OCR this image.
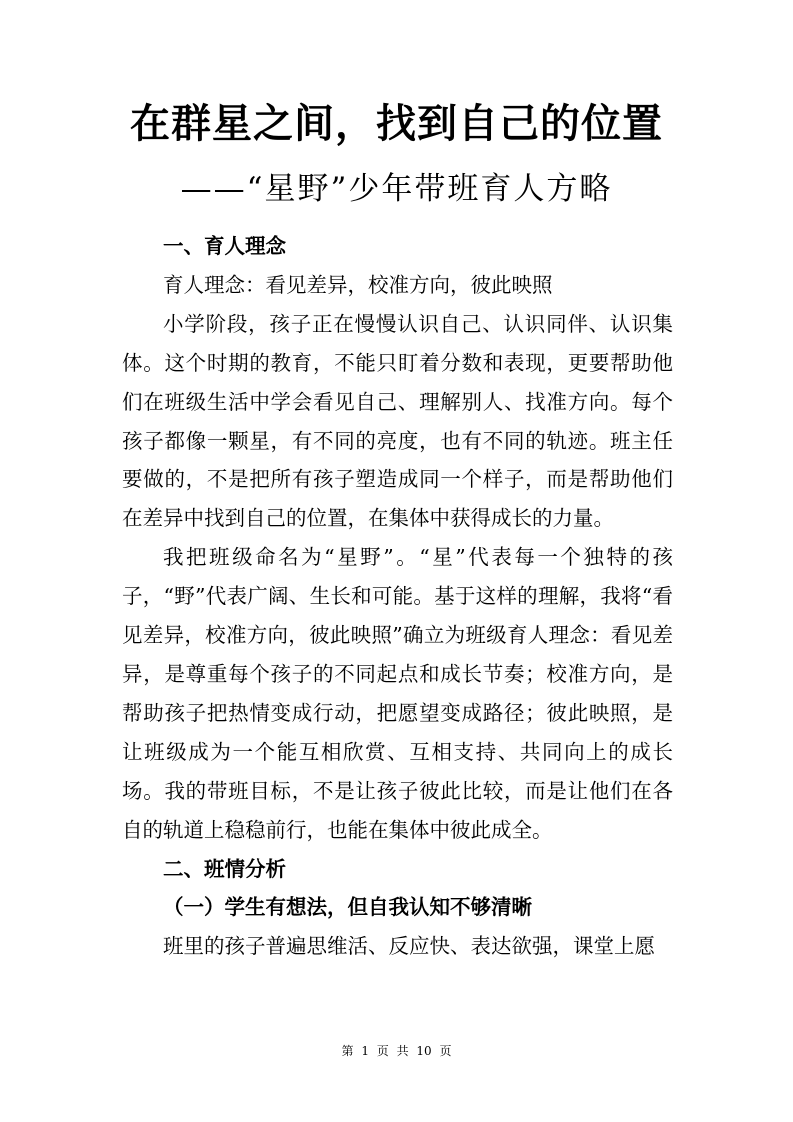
在群星之间，找到自己的位置
——“星野”少年带班育人方略
一、育人理念

育人理念：看见差异，校准方向，彼此映照

小学阶段，孩子正在慢慢认识自己、认识同伴、认识集体。这个时期的教育，不能只盯着分数和表现，更要帮助他们在班级生活中学会看见自己、理解别人、找准方向。每个孩子都像一颗星，有不同的亮度，也有不同的轨迹。班主任要做的，不是把所有孩子塑造成同一个样子，而是帮助他们在差异中找到自己的位置，在集体中获得成长的力量。

我把班级命名为“星野”。“星”代表每一个独特的孩子，“野”代表广阔、生长和可能。基于这样的理解，我将“看见差异，校准方向，彼此映照”确立为班级育人理念：看见差异，是尊重每个孩子的不同起点和成长节奏；校准方向，是帮助孩子把热情变成行动，把愿望变成路径；彼此映照，是让班级成为一个能互相欣赏、互相支持、共同向上的成长场。我的带班目标，不是让孩子彼此比较，而是让他们在各自的轨道上稳稳前行，也能在集体中彼此成全。

二、班情分析
（一）学生有想法，但自我认知不够清晰

班里的孩子普遍思维活、反应快、表达欲强，课堂上愿

第 1 页 共 10 页
